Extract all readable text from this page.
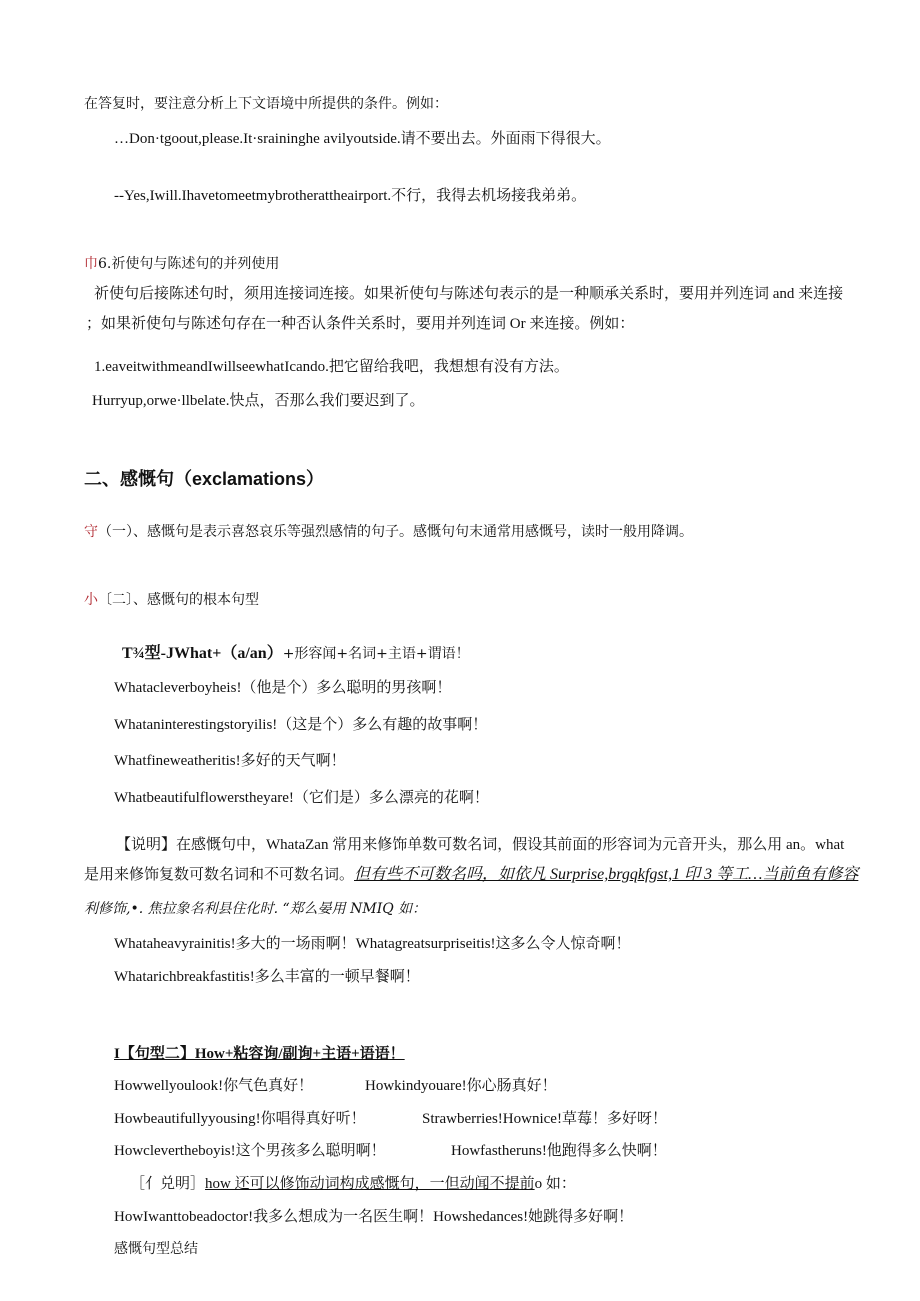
在答复时，要注意分析上下文语境中所提供的条件。例如：
…Don·tgoout,please.It·sraininghe avilyoutside.请不要出去。外面雨下得很大。
--Yes,Iwill.Ihavetomeetmybrotherattheairport.不行，我得去机场接我弟弟。
巾6.祈使句与陈述句的并列使用
祈使句后接陈述句时，须用连接词连接。如果祈使句与陈述句表示的是一种顺承关系时，要用并列连词 and 来连接
；如果祈使句与陈述句存在一种否认条件关系时，要用并列连词 Or 来连接。例如：
1.eaveitwithmeandIwillseewhatIcando.把它留给我吧，我想想有没有方法。
Hurryup,orwe·llbelate.快点，否那么我们要迟到了。
二、感慨句（exclamations）
守（一）、感慨句是表示喜怒哀乐等强烈感情的句子。感慨句句末通常用感慨号，读时一般用降调。
小〔二〕、感慨句的根本句型
T¾型-JWhat+（a/an）+形容闻+名词+主语+谓语！
Whatacleverboyheis!（他是个）多么聪明的男孩啊！
Whataninterestingstoryilis!（这是个）多么有趣的故事啊！
Whatfineweatheritis!多好的天气啊！
Whatbeautifulflowerstheyare!（它们是）多么漂亮的花啊！
【说明】在感慨句中，WhataZan 常用来修饰单数可数名词，假设其前面的形容词为元音开头，那么用 an。what
是用来修饰复数可数名词和不可数名词。但有些不可数名吗，如依凡 Surprise,brgqkfgst,1 印 3 等工…当前鱼有修容
利修饰,•. 焦拉象名利县住化时. “郑么晏用 NMIQ 如：
Whataheavyrainitis!多大的一场雨啊！Whatagreatsurpriseitis!这多么令人惊奇啊！
Whatarichbreakfastitis!多么丰富的一顿早餐啊！
I【句型二】How+粘容询/副询+主语+语语！
Howwellyoulook!你气色真好！	Howkindyouare!你心肠真好！
Howbeautifullyyousing!你唱得真好听！	Strawberries!Hownice!草莓！多好呀！
Howclevertheboyis!这个男孩多么聪明啊！	Howfastheruns!他跑得多么快啊！
［亻兑明］how 还可以修饰动词构成感慨句，一但动闻不提前o 如：
HowIwanttobeadoctor!我多么想成为一名医生啊！Howshedances!她跳得多好啊！
感慨句型总结
